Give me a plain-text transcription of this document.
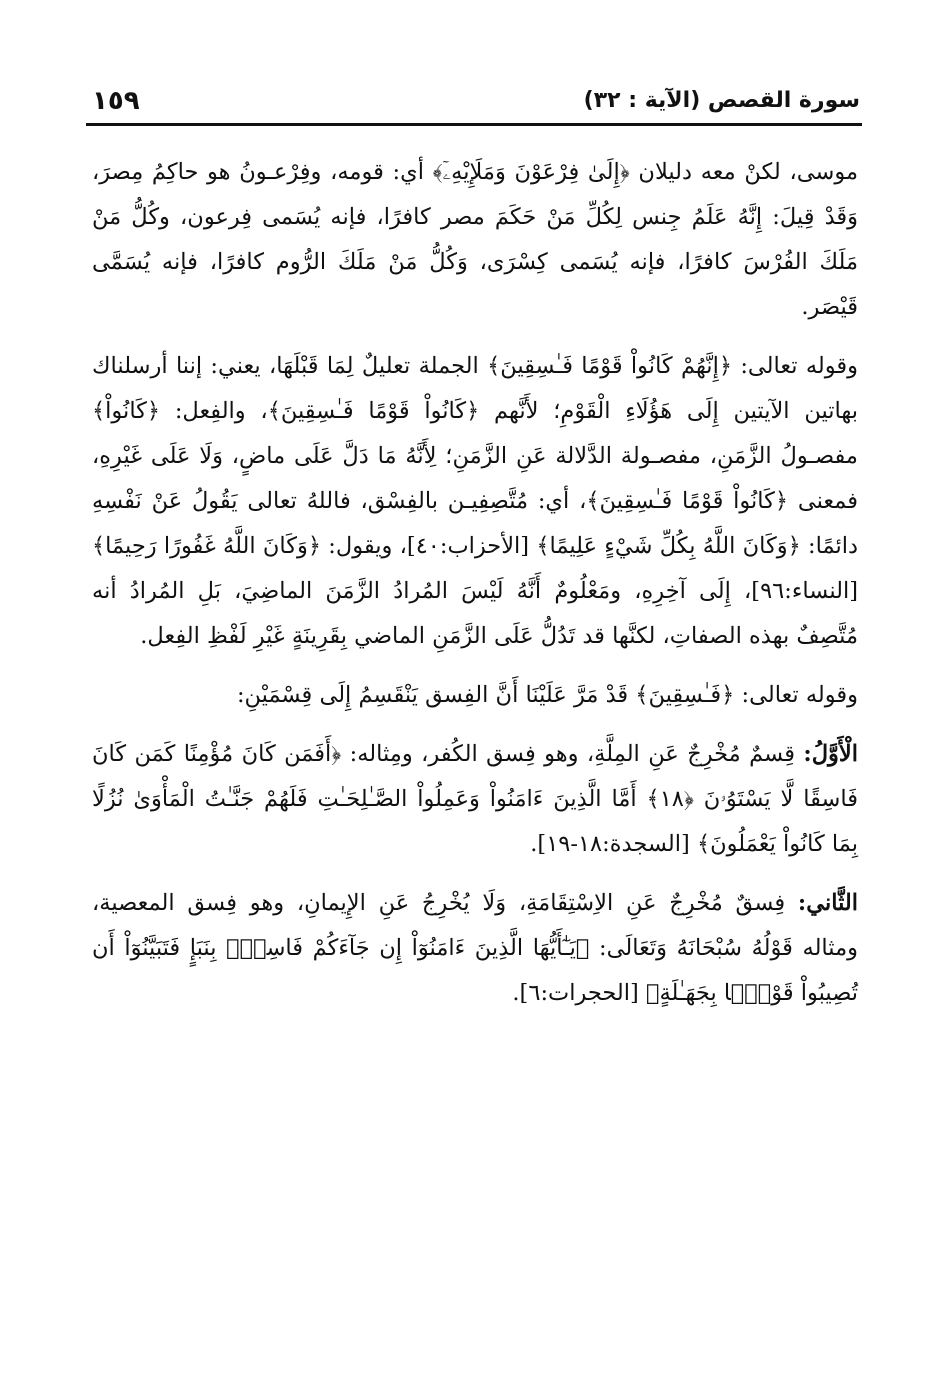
١٥٩	سورة القصص (الآية : ٣٢)

موسى، لكنْ معه دليلان ﴿إِلَىٰ فِرْعَوْنَ وَمَلَإِيْهِۦٓ﴾ أي: قومه، وفِرْعـونُ هو حاكِمُ مِصرَ، وَقَدْ قِيلَ: إِنَّهُ عَلَمُ جِنس لِكُلِّ مَنْ حَكَمَ مصر كافرًا، فإنه يُسَمى فِرعون، وكُلُّ مَنْ مَلَكَ الفُرْسَ كافرًا، فإنه يُسَمى كِسْرَى، وَكُلُّ مَنْ مَلَكَ الرُّوم كافرًا، فإنه يُسَمَّى قَيْصَر.

وقوله تعالى: ﴿إِنَّهُمْ كَانُواْ قَوْمًا فَـٰسِقِينَ﴾ الجملة تعليلٌ لِمَا قَبْلَهَا، يعني: إننا أرسلناك بهاتين الآيتين إِلَى هَؤُلَاءِ الْقَوْمِ؛ لأَنَّهم ﴿كَانُواْ قَوْمًا فَـٰسِقِينَ﴾، والفِعل: ﴿كَانُواْ﴾ مفصـولُ الزَّمَنِ، مفصـولة الدَّلالة عَنِ الزَّمَنِ؛ لِأَنَّهُ مَا دَلَّ عَلَى ماضٍ، وَلَا عَلَى غَيْرِهِ، فمعنى ﴿كَانُواْ قَوْمًا فَـٰسِقِينَ﴾، أي: مُتَّصِفِيـن بالفِسْق، فاللهُ تعالى يَقُولُ عَنْ نَفْسِهِ دائمًا: ﴿وَكَانَ اللَّهُ بِكُلِّ شَيْءٍ عَلِيمًا﴾ [الأحزاب:٤٠]، ويقول: ﴿وَكَانَ اللَّهُ غَفُورًا رَحِيمًا﴾ [النساء:٩٦]، إِلَى آخِرِهِ، ومَعْلُومٌ أَنَّهُ لَيْسَ المُرادُ الزَّمَنَ الماضِيَ، بَلِ المُرادُ أنه مُتَّصِفٌ بهذه الصفاتِ، لكنَّها قد تَدُلُّ عَلَى الزَّمَنِ الماضي بِقَرِينَةٍ غَيْرِ لَفْظِ الفِعل.

وقوله تعالى: ﴿فَـٰسِقِينَ﴾ قَدْ مَرَّ عَلَيْنَا أَنَّ الفِسق يَنْقَسِمُ إِلَى قِسْمَيْنِ:

الْأَوَّلُ: قِسمٌ مُخْرِجٌ عَنِ المِلَّةِ، وهو فِسق الكُفر، ومِثاله: ﴿أَفَمَن كَانَ مُؤْمِنًا كَمَن كَانَ فَاسِقًا لَّا يَسْتَوُۥنَ ﴿١٨﴾ أَمَّا الَّذِينَ ءَامَنُواْ وَعَمِلُواْ الصَّـٰلِحَـٰتِ فَلَهُمْ جَنَّـٰتُ الْمَأْوَىٰ نُزُلًا بِمَا كَانُواْ يَعْمَلُونَ﴾ [السجدة:١٨-١٩].

الثَّاني: فِسقٌ مُخْرِجٌ عَنِ الاِسْتِقَامَةِ، وَلَا يُخْرِجُ عَنِ الإِيمانِ، وهو فِسق المعصية، ومثاله قَوْلُهُ سُبْحَانَهُ وَتَعَالَى: ﴿يَـٰٓأَيُّهَا الَّذِينَ ءَامَنُوٓاْ إِن جَآءَكُمْ فَاسِقٌۢ بِنَبَإٍ فَتَبَيَّنُوٓاْ أَن تُصِيبُواْ قَوْمًۢا بِجَهَـٰلَةٍ﴾ [الحجرات:٦].
